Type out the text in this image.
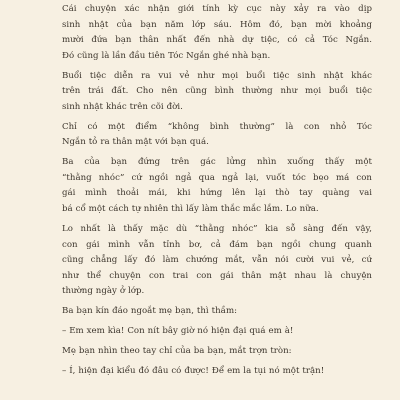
Cái chuyện xác nhận giới tính kỳ cục này xảy ra vào dịp
sinh nhật của bạn năm lớp sáu. Hôm đó, bạn mời khoảng
mười đứa bạn thân nhất đến nhà dự tiệc, có cả Tóc Ngắn.
Đó cũng là lần đầu tiên Tóc Ngắn ghé nhà bạn.
Buổi tiệc diễn ra vui vẻ như mọi buổi tiệc sinh nhật khác
trên trái đất. Cho nên cũng bình thường như mọi buổi tiệc
sinh nhật khác trên cõi đời.
Chỉ có một điểm “không bình thường” là con nhỏ Tóc
Ngắn tỏ ra thân mật với bạn quá.
Ba của bạn đứng trên gác lửng nhìn xuống thấy một
“thằng nhóc” cứ ngồi ngả qua ngả lại, vuốt tóc bẹo má con
gái mình thoải mái, khi hứng lên lại thò tay quàng vai
bá cổ một cách tự nhiên thì lấy làm thắc mắc lắm. Lo nữa.
Lo nhất là thấy mặc dù “thằng nhóc” kia sỗ sàng đến vậy,
con gái mình vẫn tỉnh bơ, cả đám bạn ngồi chung quanh
cũng chẳng lấy đó làm chướng mắt, vẫn nói cười vui vẻ, cứ
như thể chuyện con trai con gái thân mật nhau là chuyện
thường ngày ở lớp.
Ba bạn kín đáo ngoắt mẹ bạn, thì thầm:
– Em xem kìa! Con nít bây giờ nó hiện đại quá em à!
Mẹ bạn nhìn theo tay chỉ của ba bạn, mắt trợn tròn:
– Í, hiện đại kiểu đó đâu có được! Để em la tụi nó một trận!
